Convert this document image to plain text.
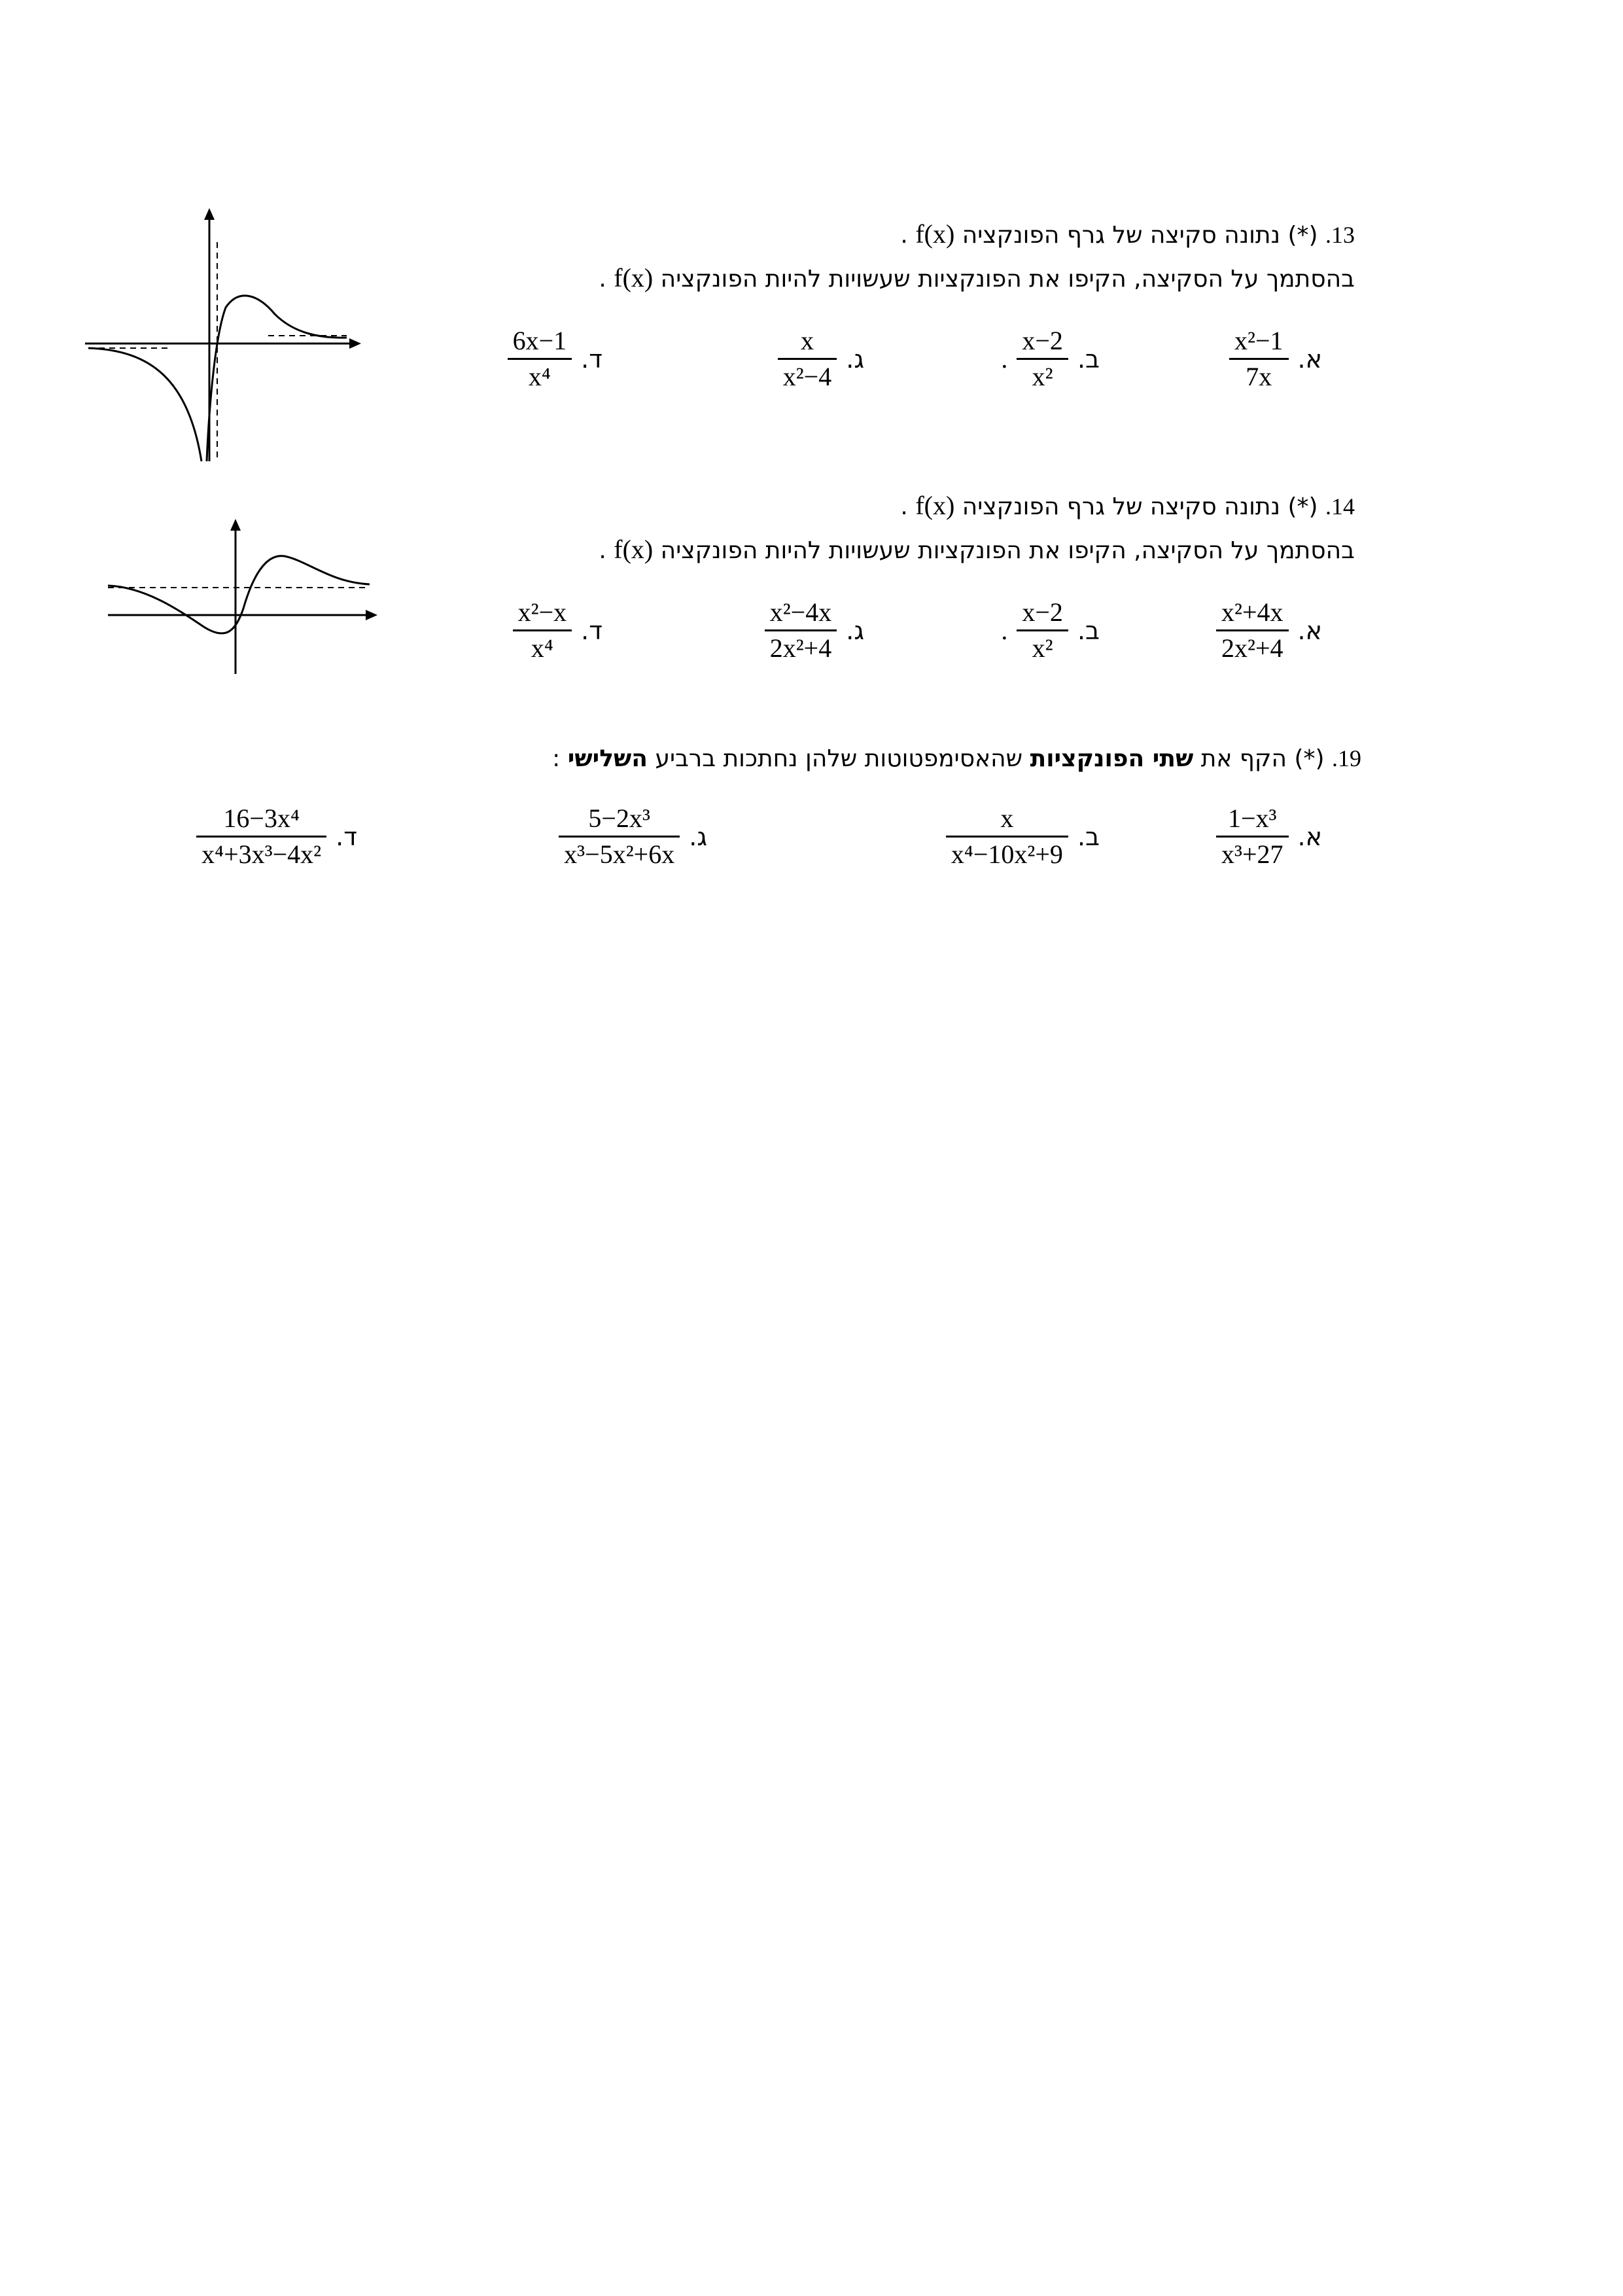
13. (*) נתונה סקיצה של גרף הפונקציה f(x) .
בהסתמך על הסקיצה, הקיפו את הפונקציות שעשויות להיות הפונקציה f(x) .
א.
$\frac{\text{x²−1}}{7x}$
ב.
$\frac{x-2}{\text{x²}}$
.
ג.
$\frac{x}{\text{x²−4}}$
ד.
$\frac{6x-1}{\text{x⁴}}$
14. (*) נתונה סקיצה של גרף הפונקציה f(x) .
בהסתמך על הסקיצה, הקיפו את הפונקציות שעשויות להיות הפונקציה f(x) .
א.
$\frac{\text{x²+4x}}{\text{2x²+4}}$
ב.
$\frac{x-2}{\text{x²}}$
.
ג.
$\frac{\text{x²−4x}}{\text{2x²+4}}$
ד.
$\frac{\text{x²−x}}{\text{x⁴}}$
19. (*) הקף את שתי הפונקציות שהאסימפטוטות שלהן נחתכות ברביע השלישי :
א.
$\frac{\text{1−x³}}{\text{x³+27}}$
ב.
$\frac{x}{\text{x⁴−10x²+9}}$
ג.
$\frac{\text{5−2x³}}{\text{x³−5x²+6x}}$
ד.
$\frac{\text{16−3x⁴}}{\text{x⁴+3x³−4x²}}$
